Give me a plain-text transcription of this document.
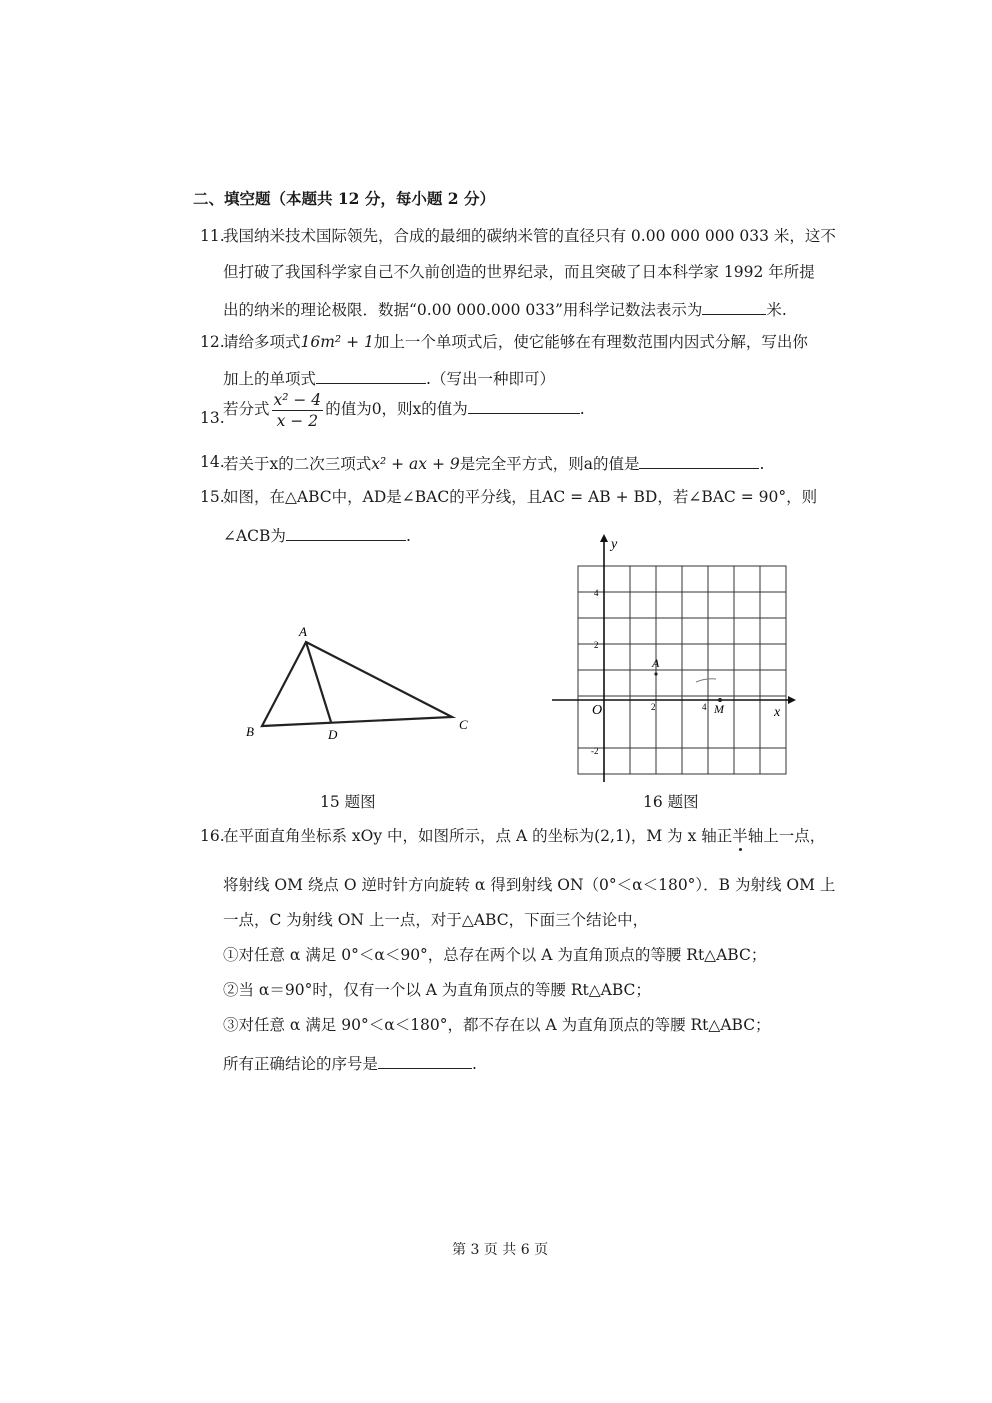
二、填空题（本题共 12 分，每小题 2 分）
11.
我国纳米技术国际领先，合成的最细的碳纳米管的直径只有 0.00 000 000 033 米，这不
但打破了我国科学家自己不久前创造的世界纪录，而且突破了日本科学家 1992 年所提
出的纳米的理论极限．数据“0.00 000.000 033”用科学记数法表示为	米.
12.
请给多项式16m² + 1加上一个单项式后，使它能够在有理数范围内因式分解，写出你
加上的单项式	.（写出一种即可）
13.
若分式 $\frac{\text{x² − 4}}{x - 2}$ 的值为0，则x的值为	.
14.
若关于x的二次三项式x² + ax + 9是完全平方式，则a的值是	.
15.
如图，在△ABC中，AD是∠BAC的平分线，且AC = AB + BD，若∠BAC = 90°，则
∠ACB为	.
A
B	D
C
y
x
O
4
2
-2
2	4
A
M
15 题图	16 题图
16.
在平面直角坐标系 xOy 中，如图所示，点 A 的坐标为(2,1)，M 为 x 轴正半轴上一点，
将射线 OM 绕点 O 逆时针方向旋转 α 得到射线 ON（0°＜α＜180°）．B 为射线 OM 上
一点，C 为射线 ON 上一点，对于△ABC，下面三个结论中，
①对任意 α 满足 0°＜α＜90°，总存在两个以 A 为直角顶点的等腰 Rt△ABC；
②当 α＝90°时，仅有一个以 A 为直角顶点的等腰 Rt△ABC；
③对任意 α 满足 90°＜α＜180°，都不存在以 A 为直角顶点的等腰 Rt△ABC；
所有正确结论的序号是	.
第 3 页 共 6 页
